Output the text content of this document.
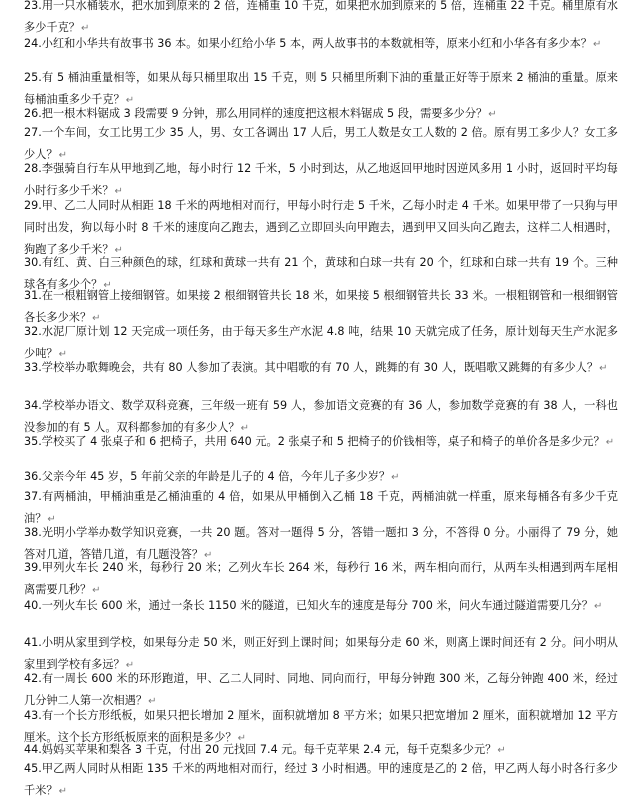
23.用一只水桶装水，把水加到原来的 2 倍，连桶重 10 千克，如果把水加到原来的 5 倍，连桶重 22 千克。桶里原有水多少千克？↵
24.小红和小华共有故事书 36 本。如果小红给小华 5 本，两人故事书的本数就相等，原来小红和小华各有多少本？↵
25.有 5 桶油重量相等，如果从每只桶里取出 15 千克，则 5 只桶里所剩下油的重量正好等于原来 2 桶油的重量。原来每桶油重多少千克？↵
26.把一根木料锯成 3 段需要 9 分钟，那么用同样的速度把这根木料锯成 5 段，需要多少分？↵
27.一个车间，女工比男工少 35 人，男、女工各调出 17 人后，男工人数是女工人数的 2 倍。原有男工多少人？女工多少人？↵
28.李强骑自行车从甲地到乙地，每小时行 12 千米，5 小时到达，从乙地返回甲地时因逆风多用 1 小时，返回时平均每小时行多少千米？↵
29.甲、乙二人同时从相距 18 千米的两地相对而行，甲每小时行走 5 千米，乙每小时走 4 千米。如果甲带了一只狗与甲同时出发，狗以每小时 8 千米的速度向乙跑去，遇到乙立即回头向甲跑去，遇到甲又回头向乙跑去，这样二人相遇时，狗跑了多少千米？↵
30.有红、黄、白三种颜色的球，红球和黄球一共有 21 个，黄球和白球一共有 20 个，红球和白球一共有 19 个。三种球各有多少个？↵
31.在一根粗钢管上接细钢管。如果接 2 根细钢管共长 18 米，如果接 5 根细钢管共长 33 米。一根粗钢管和一根细钢管各长多少米？↵
32.水泥厂原计划 12 天完成一项任务，由于每天多生产水泥 4.8 吨，结果 10 天就完成了任务，原计划每天生产水泥多少吨？↵
33.学校举办歌舞晚会，共有 80 人参加了表演。其中唱歌的有 70 人，跳舞的有 30 人，既唱歌又跳舞的有多少人？↵
34.学校举办语文、数学双科竞赛，三年级一班有 59 人，参加语文竞赛的有 36 人，参加数学竞赛的有 38 人，一科也没参加的有 5 人。双科都参加的有多少人？↵
35.学校买了 4 张桌子和 6 把椅子，共用 640 元。2 张桌子和 5 把椅子的价钱相等，桌子和椅子的单价各是多少元？↵
36.父亲今年 45 岁，5 年前父亲的年龄是儿子的 4 倍，今年儿子多少岁？↵
37.有两桶油，甲桶油重是乙桶油重的 4 倍，如果从甲桶倒入乙桶 18 千克，两桶油就一样重，原来每桶各有多少千克油？↵
38.光明小学举办数学知识竞赛，一共 20 题。答对一题得 5 分，答错一题扣 3 分，不答得 0 分。小丽得了 79 分，她答对几道，答错几道，有几题没答？↵
39.甲列火车长 240 米，每秒行 20 米；乙列火车长 264 米，每秒行 16 米，两车相向而行，从两车头相遇到两车尾相离需要几秒？↵
40.一列火车长 600 米，通过一条长 1150 米的隧道，已知火车的速度是每分 700 米，问火车通过隧道需要几分？↵
41.小明从家里到学校，如果每分走 50 米，则正好到上课时间；如果每分走 60 米，则离上课时间还有 2 分。问小明从家里到学校有多远？↵
42.有一周长 600 米的环形跑道，甲、乙二人同时、同地、同向而行，甲每分钟跑 300 米，乙每分钟跑 400 米，经过几分钟二人第一次相遇？↵
43.有一个长方形纸板，如果只把长增加 2 厘米，面积就增加 8 平方米；如果只把宽增加 2 厘米，面积就增加 12 平方厘米。这个长方形纸板原来的面积是多少？↵
44.妈妈买苹果和梨各 3 千克，付出 20 元找回 7.4 元。每千克苹果 2.4 元，每千克梨多少元？↵
45.甲乙两人同时从相距 135 千米的两地相对而行，经过 3 小时相遇。甲的速度是乙的 2 倍，甲乙两人每小时各行多少千米？↵
